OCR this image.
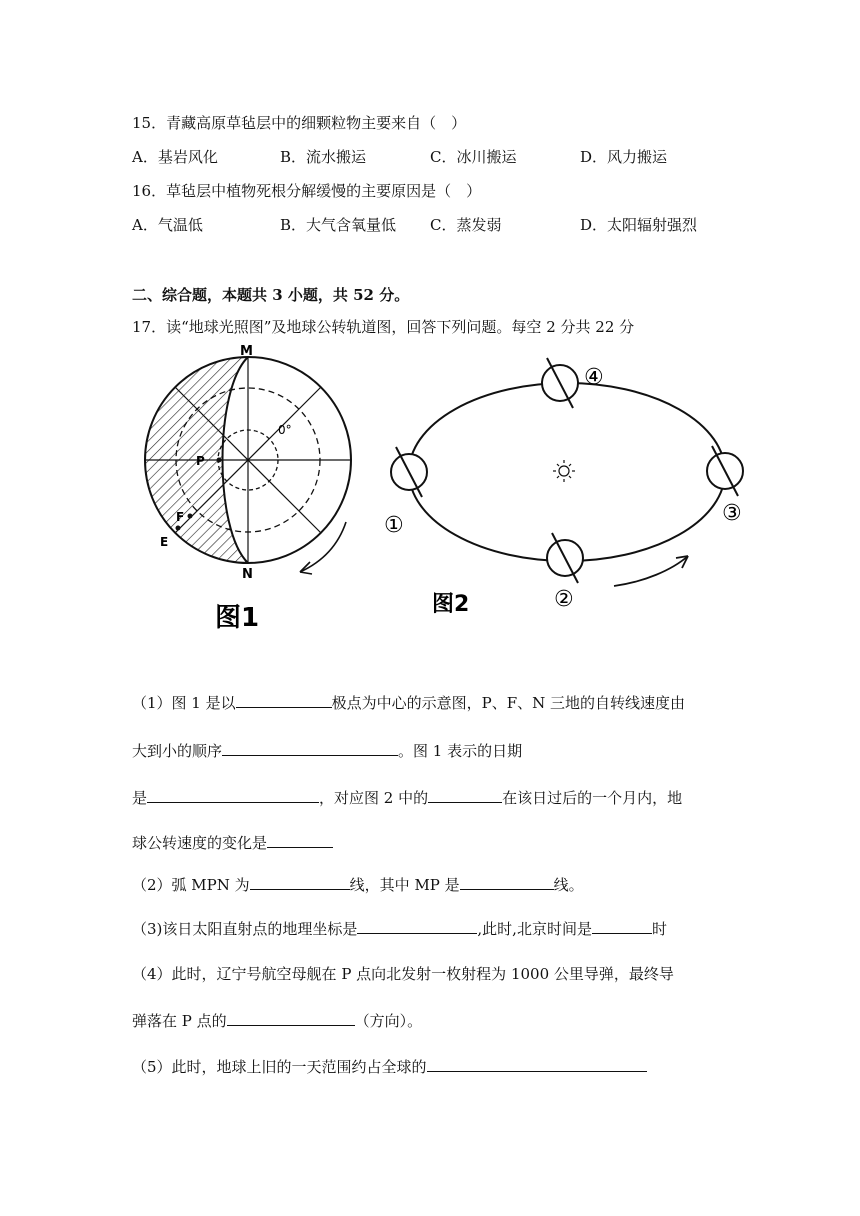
15．青藏高原草毡层中的细颗粒物主要来自（　）
A．基岩风化	B．流水搬运	C．冰川搬运	D．风力搬运
16．草毡层中植物死根分解缓慢的主要原因是（　）
A．气温低	B．大气含氧量低 C．蒸发弱	D．太阳辐射强烈
二、综合题，本题共 3 小题，共 52 分。
17．读“地球光照图”及地球公转轨道图，回答下列问题。每空 2 分共 22 分
M
N
P
F
E
0°
图1
①
②
③
④
图2
（1）图 1 是以	极点为中心的示意图，P、F、N 三地的自转线速度由
大到小的顺序	。图 1 表示的日期
是	，对应图 2 中的	在该日过后的一个月内，地
球公转速度的变化是
（2）弧 MPN 为	线，其中 MP 是	线。
（3)该日太阳直射点的地理坐标是	,此时,北京时间是	时
（4）此时，辽宁号航空母舰在 P 点向北发射一枚射程为 1000 公里导弹，最终导
弹落在 P 点的	（方向）。
（5）此时，地球上旧的一天范围约占全球的
